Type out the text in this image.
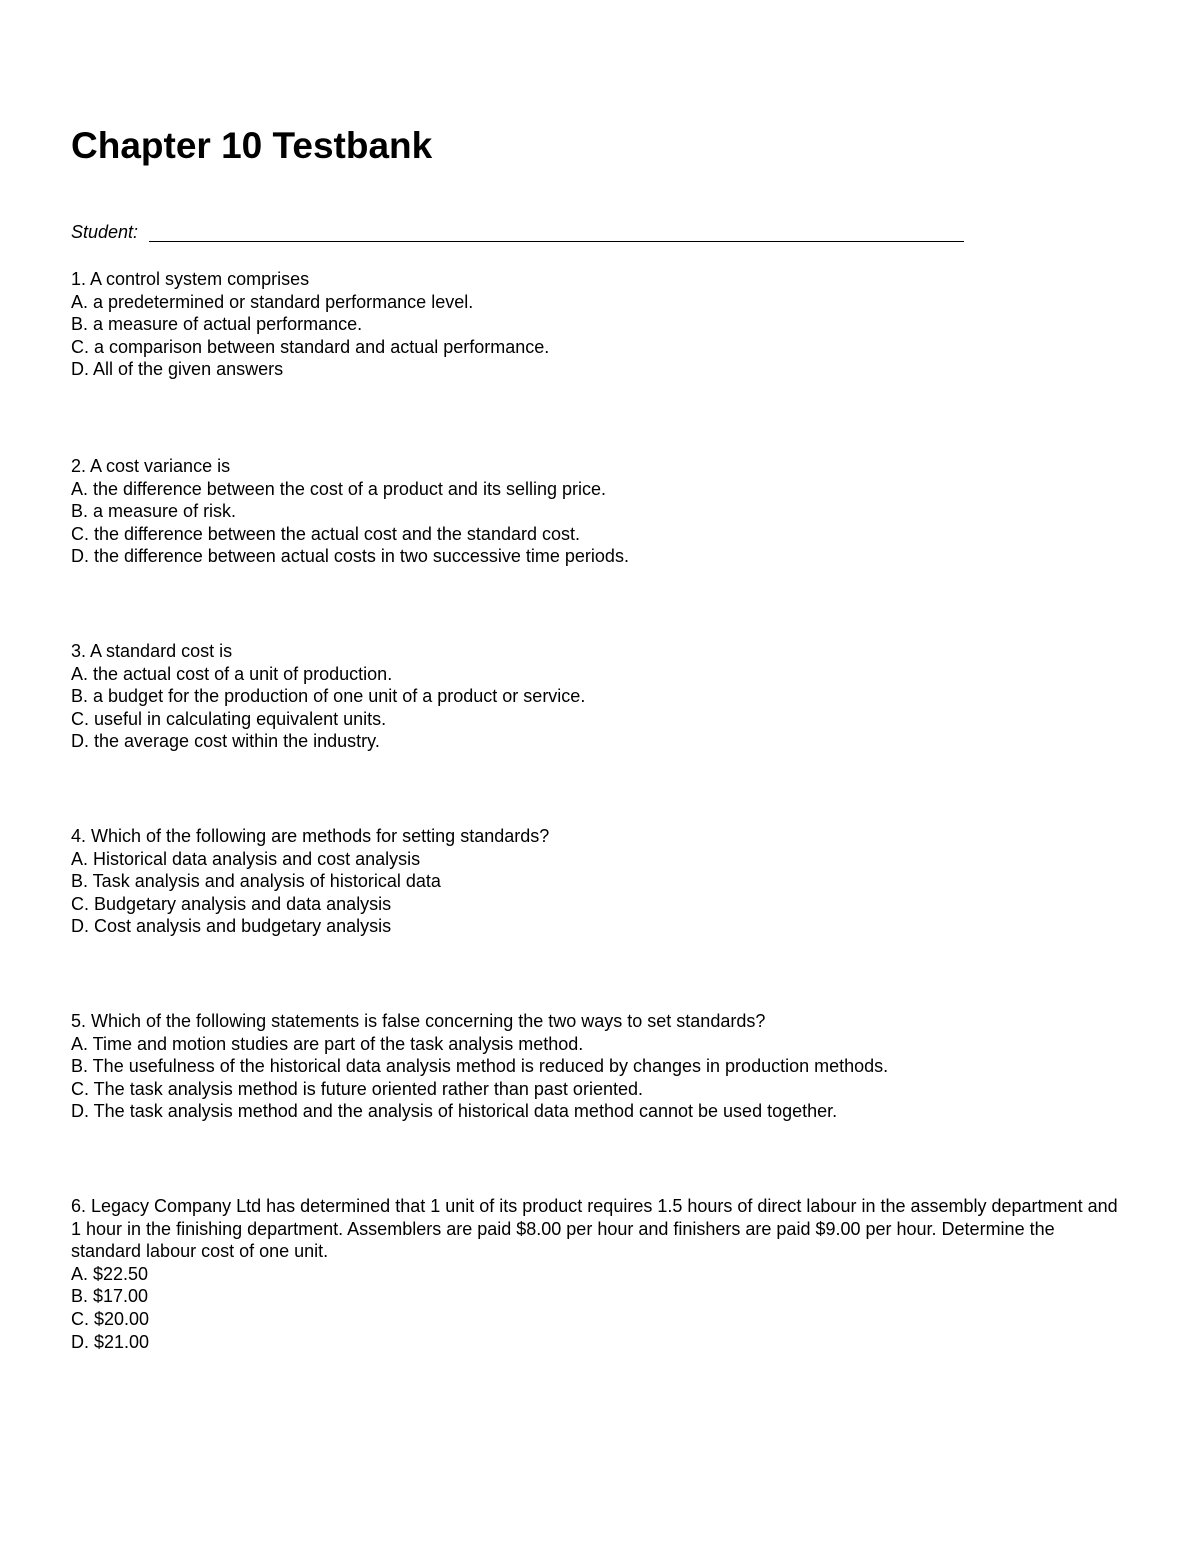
Chapter 10 Testbank
Student:
1. A control system comprises
A. a predetermined or standard performance level.
B. a measure of actual performance.
C. a comparison between standard and actual performance.
D. All of the given answers
2. A cost variance is
A. the difference between the cost of a product and its selling price.
B. a measure of risk.
C. the difference between the actual cost and the standard cost.
D. the difference between actual costs in two successive time periods.
3. A standard cost is
A. the actual cost of a unit of production.
B. a budget for the production of one unit of a product or service.
C. useful in calculating equivalent units.
D. the average cost within the industry.
4. Which of the following are methods for setting standards?
A. Historical data analysis and cost analysis
B. Task analysis and analysis of historical data
C. Budgetary analysis and data analysis
D. Cost analysis and budgetary analysis
5. Which of the following statements is false concerning the two ways to set standards?
A. Time and motion studies are part of the task analysis method.
B. The usefulness of the historical data analysis method is reduced by changes in production methods.
C. The task analysis method is future oriented rather than past oriented.
D. The task analysis method and the analysis of historical data method cannot be used together.
6. Legacy Company Ltd has determined that 1 unit of its product requires 1.5 hours of direct labour in the assembly department and 1 hour in the finishing department. Assemblers are paid $8.00 per hour and finishers are paid $9.00 per hour. Determine the standard labour cost of one unit.
A. $22.50
B. $17.00
C. $20.00
D. $21.00
